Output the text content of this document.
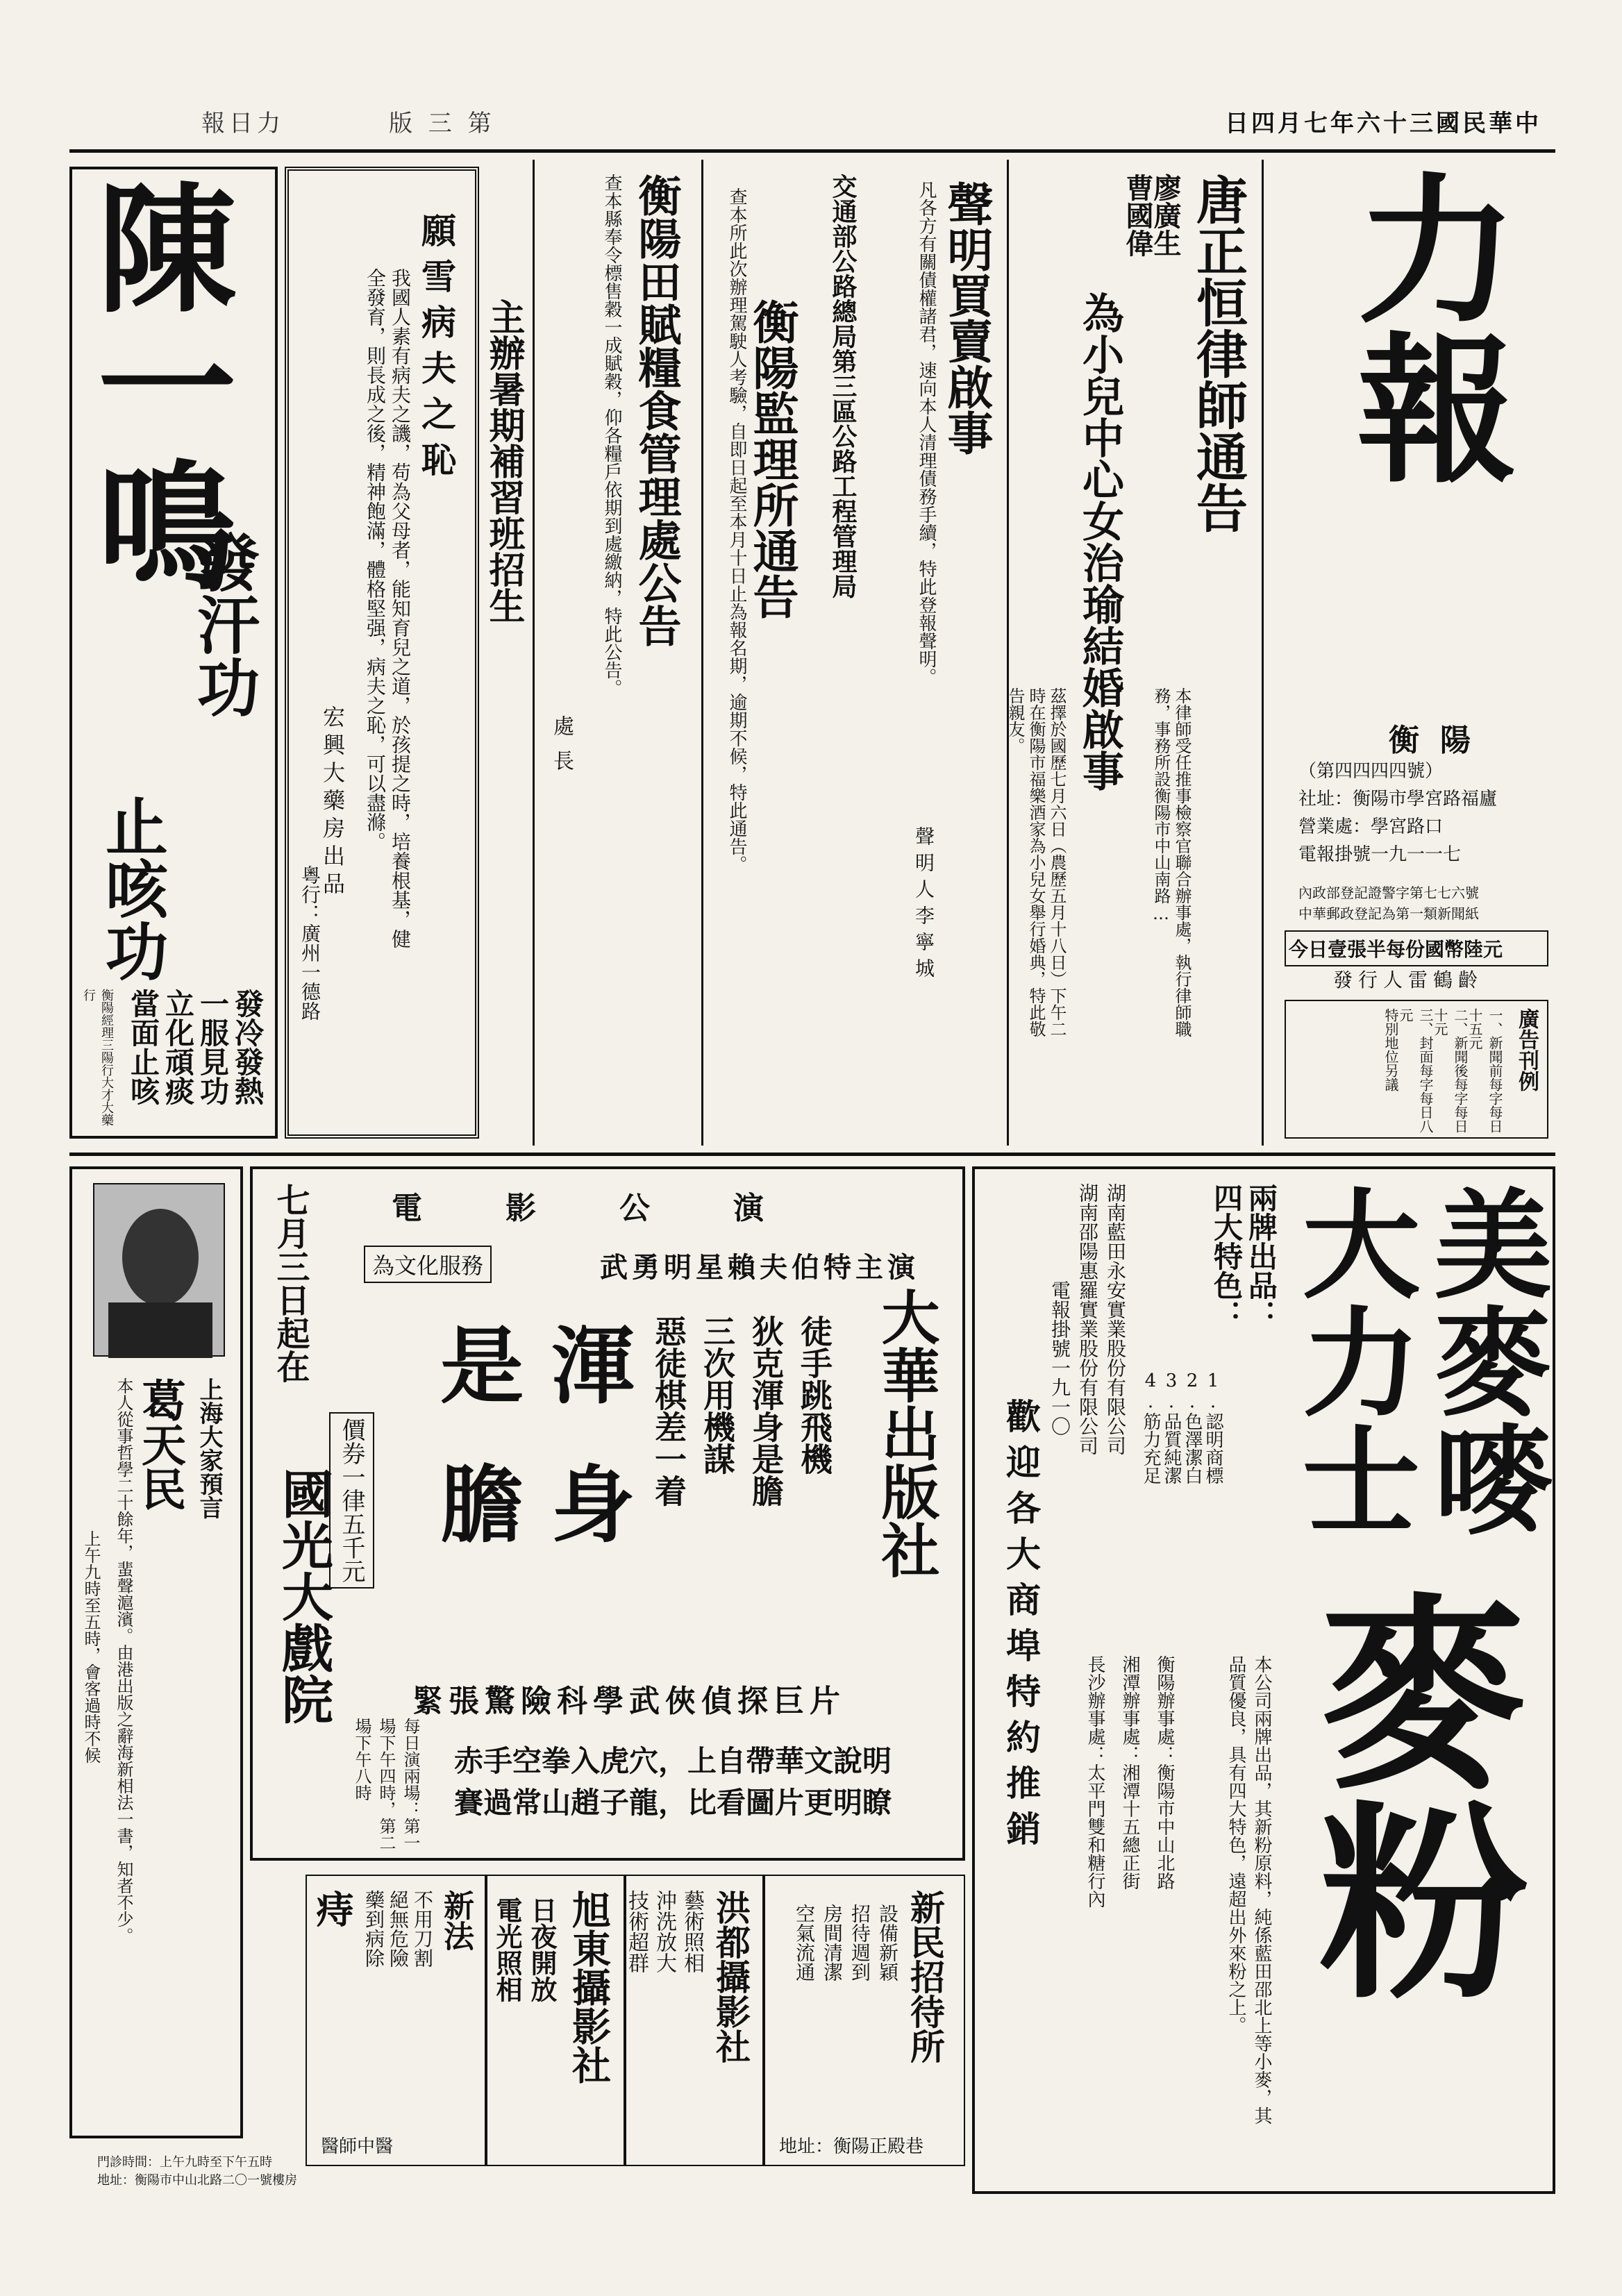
日四月七年六十三國民華中
版 三 第
報日力
力報
衡陽
（第四四四四號）
社址：衡陽市學宮路福廬
營業處：學宮路口
電報掛號一九一一七
內政部登記證警字第七七六號
中華郵政登記為第一類新聞紙
今日壹張半每份國幣陸元
發行人雷鶴齡
廣告刊例
一、新聞前每字每日十五元
二、新聞後每字每日十元
三、封面每字每日八元
特別地位另議
唐正恒律師通告
本律師受任推事檢察官聯合辦事處，執行律師職務，事務所設衡陽市中山南路…
曹國偉
廖廣生
為小兒中心女治瑜結婚啟事
茲擇於國歷七月六日（農歷五月十八日）下午二時在衡陽市福樂酒家為小兒女舉行婚典，特此敬告親友。
聲明買賣啟事
凡各方有關債權諸君，速向本人清理債務手續，特此登報聲明。
聲明人李寧城
交通部公路總局第三區公路工程管理局
衡陽監理所通告
查本所此次辦理駕駛人考驗，自即日起至本月十日止為報名期，逾期不候，特此通告。
衡陽田賦糧食管理處公告
查本縣奉令標售穀一成賦穀，仰各糧戶依期到處繳納，特此公告。
處長
主辦暑期補習班招生
願雪病夫之恥
我國人素有病夫之譏，苟為父母者，能知育兒之道，於孩提之時，培養根基，健全發育，則長成之後，精神飽滿，體格堅强，病夫之恥，可以盡滌。
宏興大藥房出品
粵行：廣州一德路
陳一鳴
發汗功
止咳功
發冷發熱
一服見功
立化頑痰
當面止咳
衡陽經理三陽行大才大藥行
美麥嘜
大力士
麥粉
兩牌出品：
四大特色：
1.認明商標
2.色澤潔白
3.品質純潔
4.筋力充足
湖南藍田永安實業股份有限公司
湖南邵陽惠羅實業股份有限公司
電報掛號一九一〇
歡迎各大商埠特約推銷
本公司兩牌出品，其新粉原料，純係藍田邵北上等小麥，其品質優良，具有四大特色，遠超出外來粉之上。
衡陽辦事處：衡陽市中山北路
湘潭辦事處：湘潭十五總正街
長沙辦事處：太平門雙和糖行內
電影公演
武勇明星賴夫伯特主演
為文化服務
大華出版社
渾身
是膽	徒手跳飛機
狄克渾身是膽
三次用機謀
惡徒棋差一着
價券一律五千元
七月三日起在
國光大戲院	緊張驚險科學武俠偵探巨片
赤手空拳入虎穴，上自帶華文說明
賽過常山趙子龍，比看圖片更明瞭
每日演兩場：第一場下午四時，第二場下午八時
上海大家預言
葛天民
本人從事哲學二十餘年，蜚聲滬濱。由港出版之辭海新相法一書，知者不少。
上午九時至五時，會客過時不候
新民招待所
設備新穎
招待週到
房間清潔
空氣流通
地址：衡陽正殿巷
洪都攝影社
藝術照相
沖洗放大
技術超群
旭東攝影社
日夜開放
電光照相
新法
痔	不用刀割
絕無危險
藥到病除
醫師中醫
門診時間：上午九時至下午五時
地址：衡陽市中山北路二〇一號樓房
